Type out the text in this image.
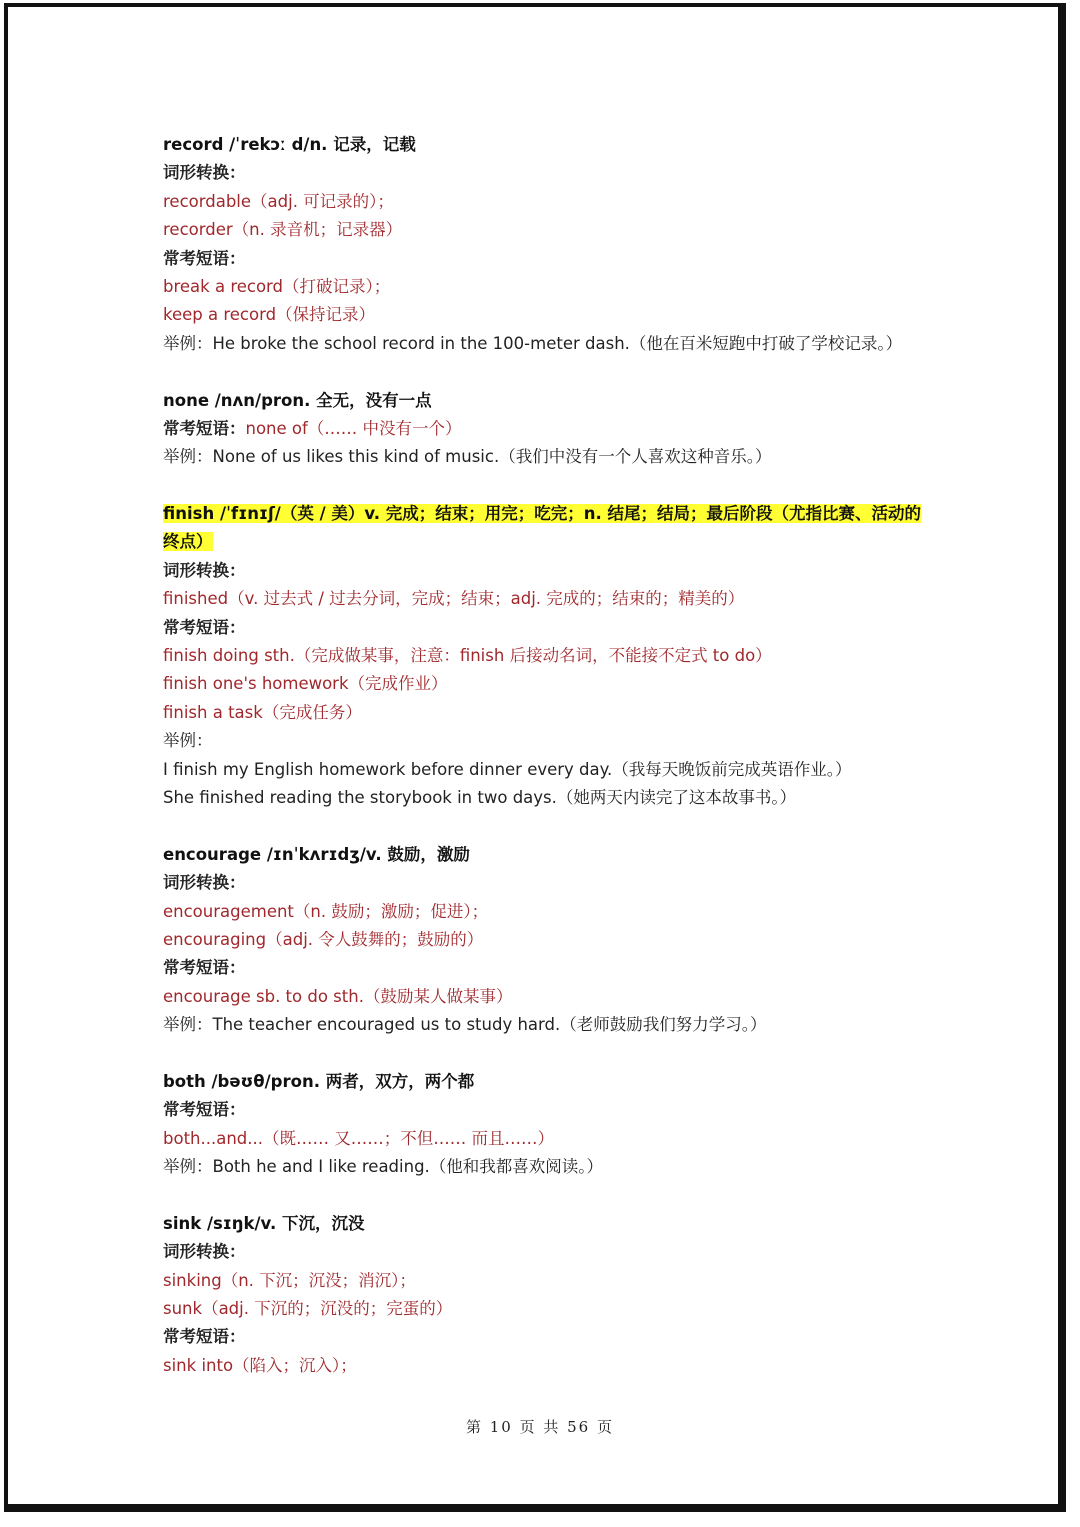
record /ˈrekɔː d/n. 记录，记载
词形转换：
recordable（adj. 可记录的）；
recorder（n. 录音机；记录器）
常考短语：
break a record（打破记录）；
keep a record（保持记录）
举例：He broke the school record in the 100-meter dash.（他在百米短跑中打破了学校记录。）
none /nʌn/pron. 全无，没有一点
常考短语：none of（…… 中没有一个）
举例：None of us likes this kind of music.（我们中没有一个人喜欢这种音乐。）
finish /ˈfɪnɪʃ/（英 / 美）v. 完成；结束；用完；吃完；n. 结尾；结局；最后阶段（尤指比赛、活动的终点）
词形转换：
finished（v. 过去式 / 过去分词，完成；结束；adj. 完成的；结束的；精美的）
常考短语：
finish doing sth.（完成做某事，注意：finish 后接动名词，不能接不定式 to do）
finish one's homework（完成作业）
finish a task（完成任务）
举例：
I finish my English homework before dinner every day.（我每天晚饭前完成英语作业。）
She finished reading the storybook in two days.（她两天内读完了这本故事书。）
encourage /ɪnˈkʌrɪdʒ/v. 鼓励，激励
词形转换：
encouragement（n. 鼓励；激励；促进）；
encouraging（adj. 令人鼓舞的；鼓励的）
常考短语：
encourage sb. to do sth.（鼓励某人做某事）
举例：The teacher encouraged us to study hard.（老师鼓励我们努力学习。）
both /bəʊθ/pron. 两者，双方，两个都
常考短语：
both...and...（既…… 又……；不但…… 而且……）
举例：Both he and I like reading.（他和我都喜欢阅读。）
sink /sɪŋk/v. 下沉，沉没
词形转换：
sinking（n. 下沉；沉没；消沉）；
sunk（adj. 下沉的；沉没的；完蛋的）
常考短语：
sink into（陷入；沉入）；
第 10 页 共 56 页
